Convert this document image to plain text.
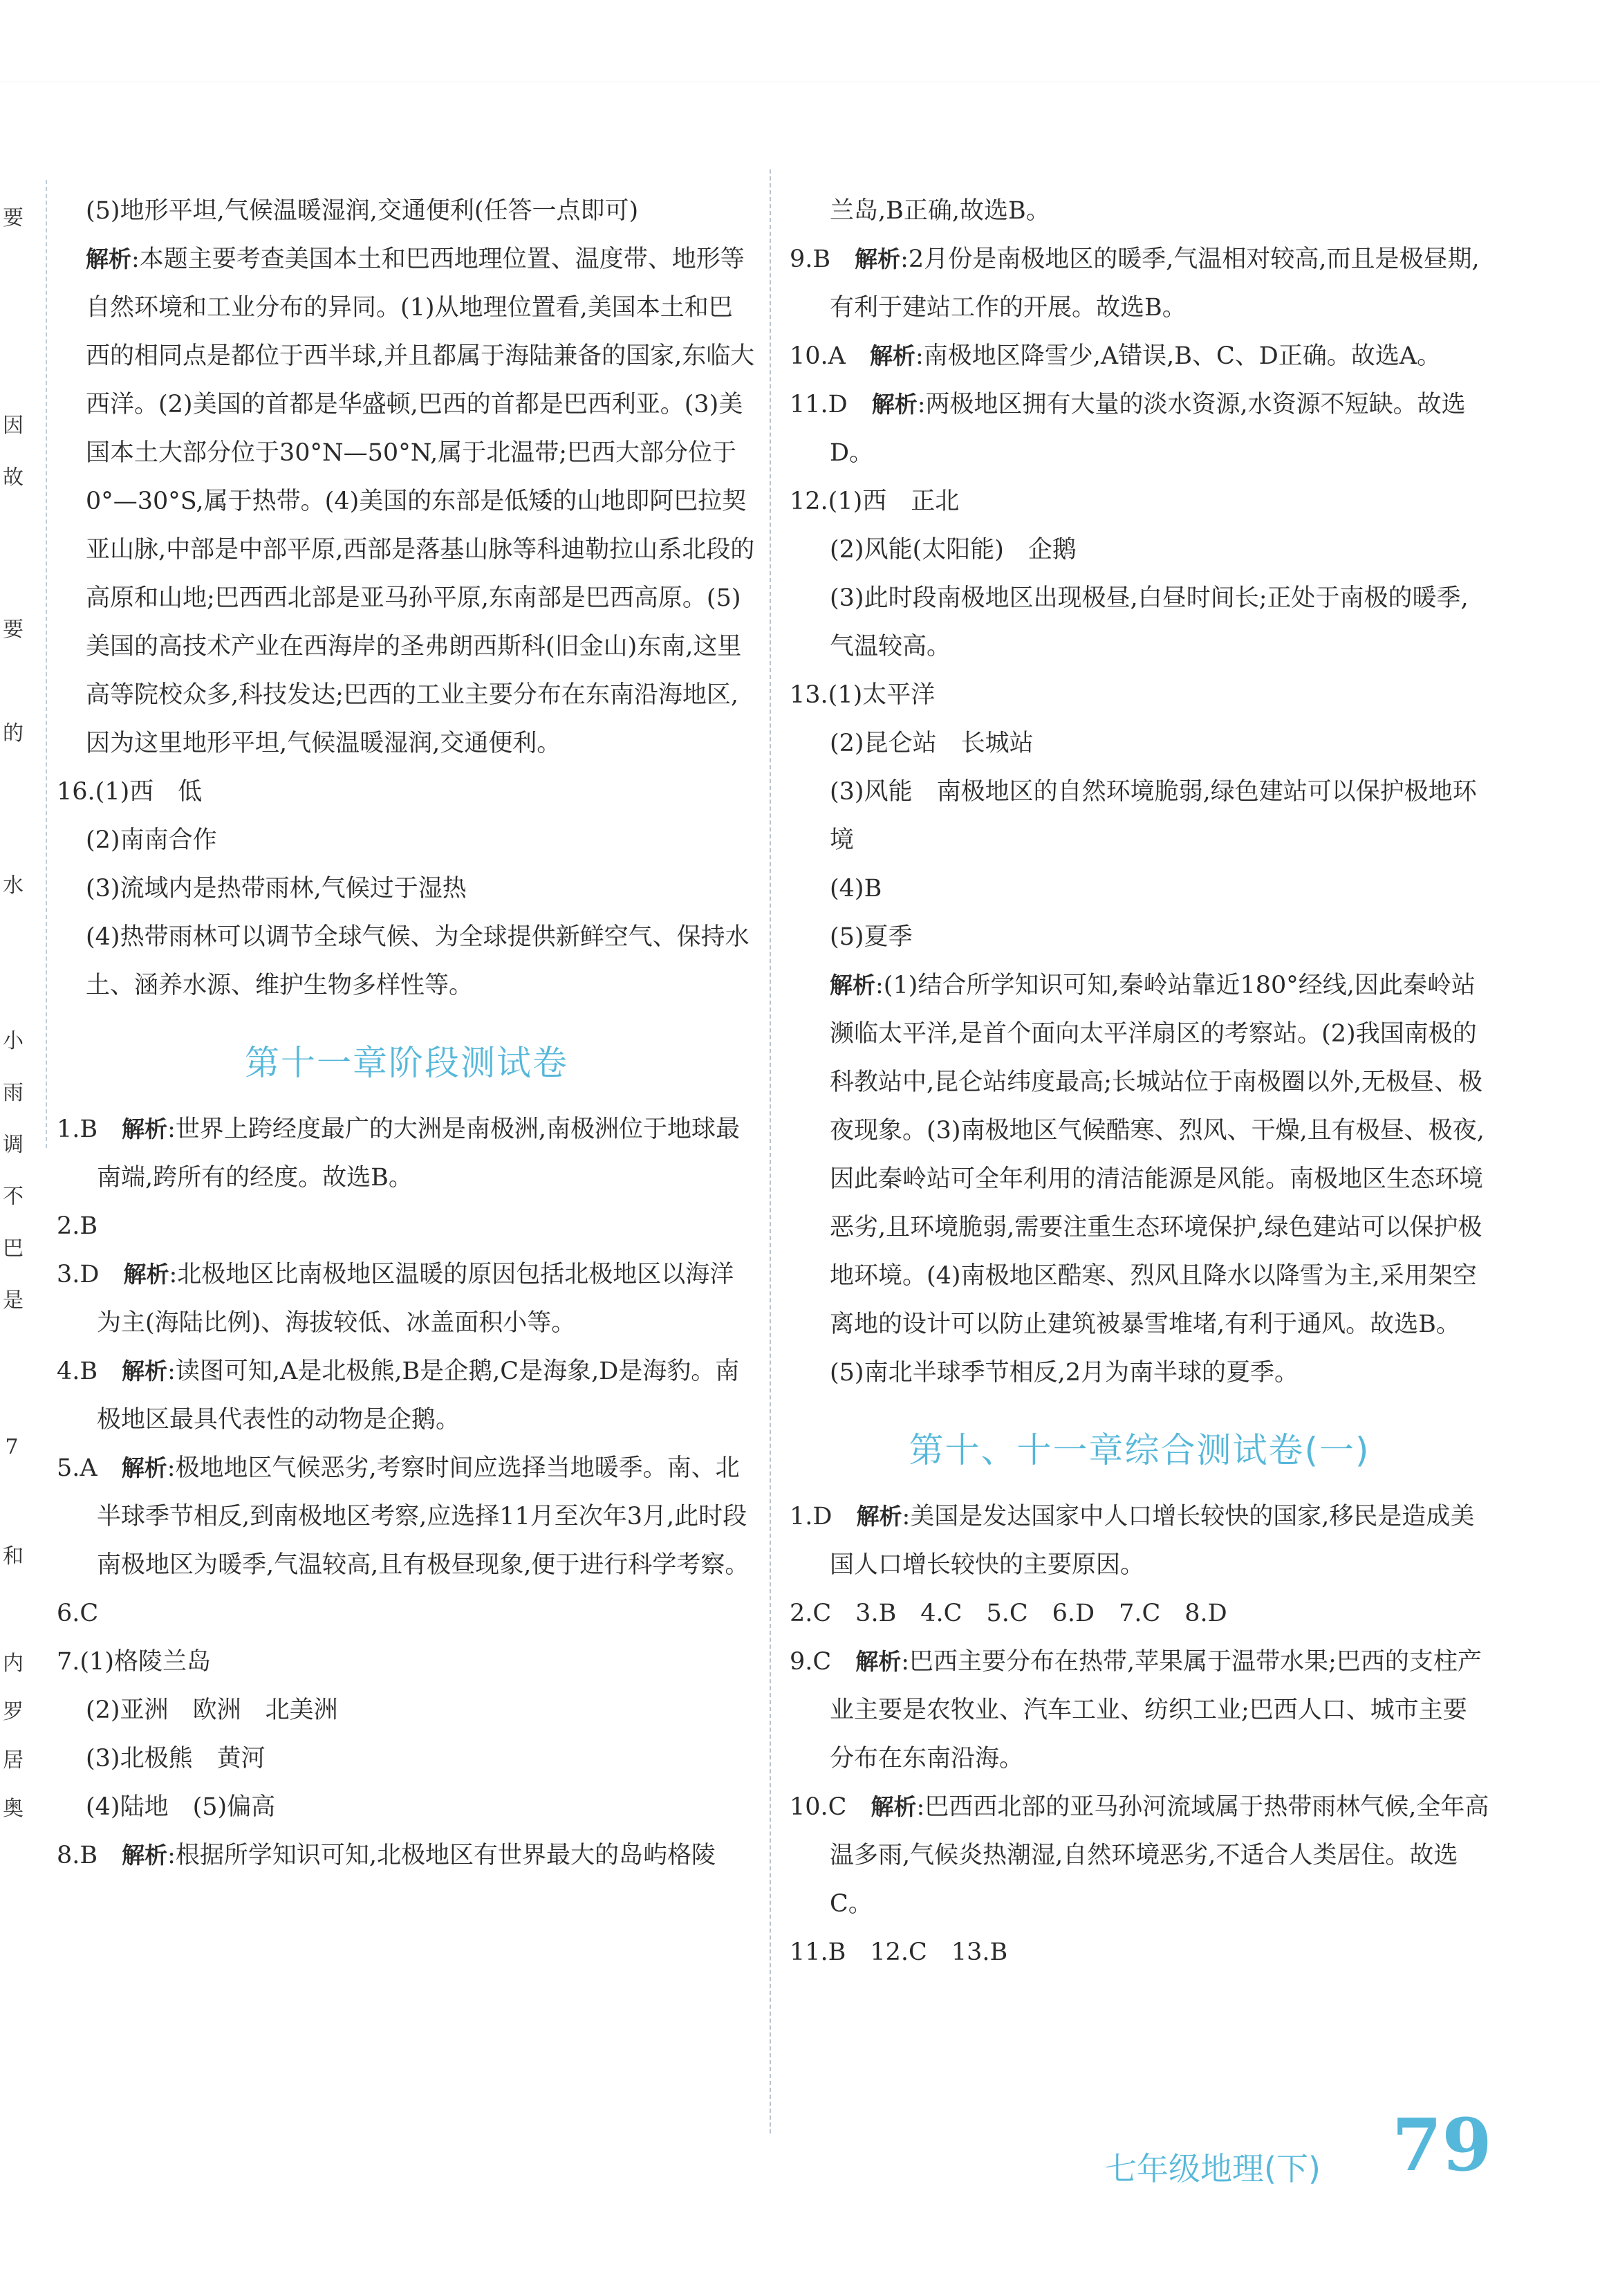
要
因
故
要
的
水
小
雨
调
不
巴
是
7
和
内
罗
居
奥

(5)地形平坦,气候温暖湿润,交通便利(任答一点即可)

解析:本题主要考查美国本土和巴西地理位置、温度带、地形等自然环境和工业分布的异同。(1)从地理位置看,美国本土和巴西的相同点是都位于西半球,并且都属于海陆兼备的国家,东临大西洋。(2)美国的首都是华盛顿,巴西的首都是巴西利亚。(3)美国本土大部分位于30°N—50°N,属于北温带;巴西大部分位于0°—30°S,属于热带。(4)美国的东部是低矮的山地即阿巴拉契亚山脉,中部是中部平原,西部是落基山脉等科迪勒拉山系北段的高原和山地;巴西西北部是亚马孙平原,东南部是巴西高原。(5)美国的高技术产业在西海岸的圣弗朗西斯科(旧金山)东南,这里高等院校众多,科技发达;巴西的工业主要分布在东南沿海地区,因为这里地形平坦,气候温暖湿润,交通便利。

16.(1)西　低

(2)南南合作

(3)流域内是热带雨林,气候过于湿热

(4)热带雨林可以调节全球气候、为全球提供新鲜空气、保持水土、涵养水源、维护生物多样性等。

第十一章阶段测试卷

1.B　 解析:世界上跨经度最广的大洲是南极洲,南极洲位于地球最南端,跨所有的经度。故选B。

2.B

3.D　 解析:北极地区比南极地区温暖的原因包括北极地区以海洋为主(海陆比例)、海拔较低、冰盖面积小等。

4.B　 解析:读图可知,A是北极熊,B是企鹅,C是海象,D是海豹。南极地区最具代表性的动物是企鹅。

5.A　 解析:极地地区气候恶劣,考察时间应选择当地暖季。南、北半球季节相反,到南极地区考察,应选择11月至次年3月,此时段南极地区为暖季,气温较高,且有极昼现象,便于进行科学考察。

6.C

7.(1)格陵兰岛

(2)亚洲　欧洲　北美洲

(3)北极熊　黄河

(4)陆地　(5)偏高

8.B　 解析:根据所学知识可知,北极地区有世界最大的岛屿格陵

兰岛,B正确,故选B。

9.B　 解析:2月份是南极地区的暖季,气温相对较高,而且是极昼期,有利于建站工作的开展。故选B。

10.A　 解析:南极地区降雪少,A错误,B、C、D正确。故选A。

11.D　 解析:两极地区拥有大量的淡水资源,水资源不短缺。故选D。

12.(1)西　正北

(2)风能(太阳能)　企鹅

(3)此时段南极地区出现极昼,白昼时间长;正处于南极的暖季,气温较高。

13.(1)太平洋

(2)昆仑站　长城站

(3)风能　南极地区的自然环境脆弱,绿色建站可以保护极地环境

(4)B

(5)夏季

解析:(1)结合所学知识可知,秦岭站靠近180°经线,因此秦岭站濒临太平洋,是首个面向太平洋扇区的考察站。(2)我国南极的科教站中,昆仑站纬度最高;长城站位于南极圈以外,无极昼、极夜现象。(3)南极地区气候酷寒、烈风、干燥,且有极昼、极夜,因此秦岭站可全年利用的清洁能源是风能。南极地区生态环境恶劣,且环境脆弱,需要注重生态环境保护,绿色建站可以保护极地环境。(4)南极地区酷寒、烈风且降水以降雪为主,采用架空离地的设计可以防止建筑被暴雪堆堵,有利于通风。故选B。(5)南北半球季节相反,2月为南半球的夏季。

第十、十一章综合测试卷(一)

1.D　 解析:美国是发达国家中人口增长较快的国家,移民是造成美国人口增长较快的主要原因。

2.C　3.B　4.C　5.C　6.D　7.C　8.D

9.C　 解析:巴西主要分布在热带,苹果属于温带水果;巴西的支柱产业主要是农牧业、汽车工业、纺织工业;巴西人口、城市主要分布在东南沿海。

10.C　 解析:巴西西北部的亚马孙河流域属于热带雨林气候,全年高温多雨,气候炎热潮湿,自然环境恶劣,不适合人类居住。故选C。

11.B　12.C　13.B

七年级地理(下) 79
